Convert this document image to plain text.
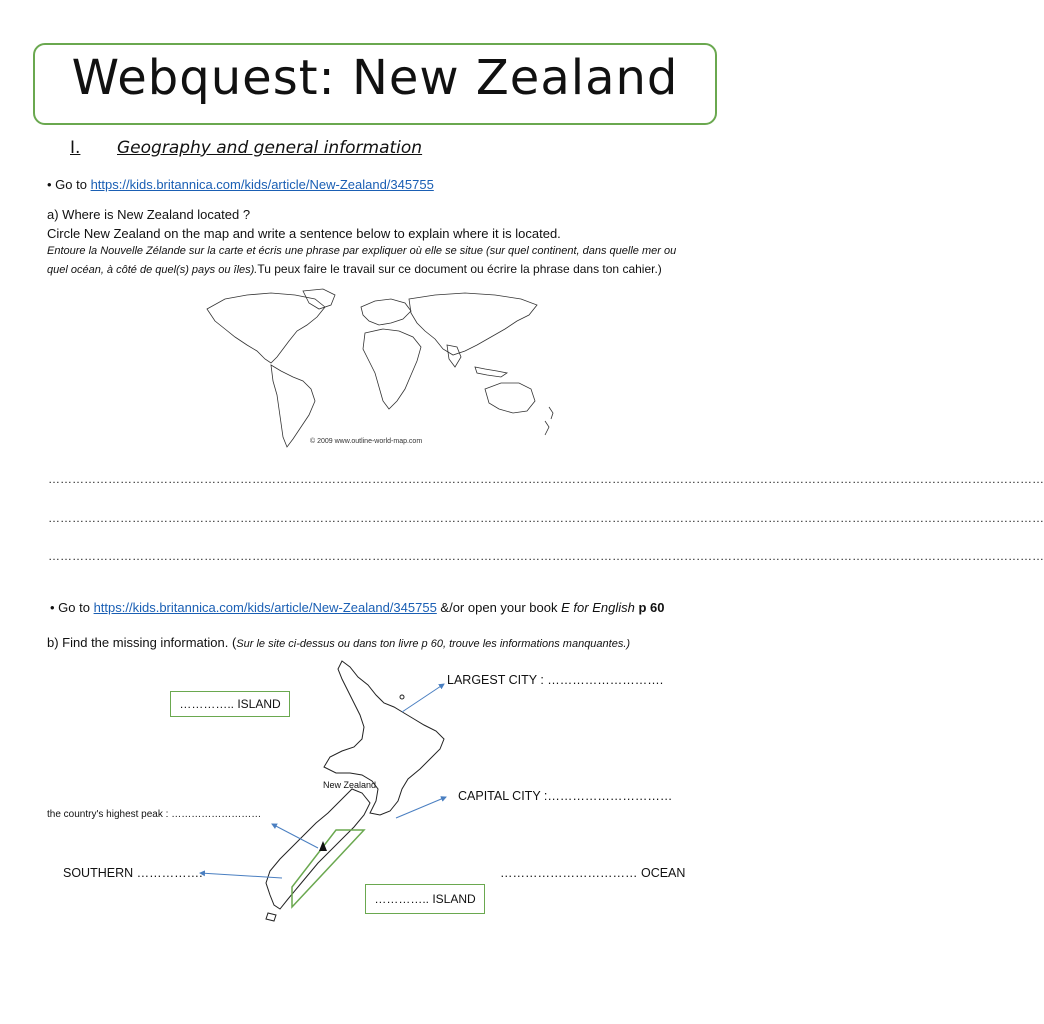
Webquest: New Zealand
I. Geography and general information
• Go to https://kids.britannica.com/kids/article/New-Zealand/345755
a) Where is New Zealand located ?
Circle New Zealand on the map and write a sentence below to explain where it is located.
Entoure la Nouvelle Zélande sur la carte et écris une phrase par expliquer où elle se situe (sur quel continent, dans quelle mer ou
quel océan, à côté de quel(s) pays ou îles).Tu peux faire le travail sur ce document ou écrire la phrase dans ton cahier.)
© 2009 www.outline-world-map.com
……………………………………………………………………………………………………………………………………………………………………………………………………………………………
……………………………………………………………………………………………………………………………………………………………………………………………………………………………
……………………………………………………………………………………………………………………………………………………………………………………………………………………………
• Go to https://kids.britannica.com/kids/article/New-Zealand/345755 &/or open your book E for English p 60
b) Find the missing information. (Sur le site ci-dessus ou dans ton livre p 60, trouve les informations manquantes.)
New Zealand
………….. ISLAND
………….. ISLAND
LARGEST CITY : ……………………….
CAPITAL CITY :…………………………
the country's highest peak : ………………………
SOUTHERN …………….	…………………………… OCEAN
